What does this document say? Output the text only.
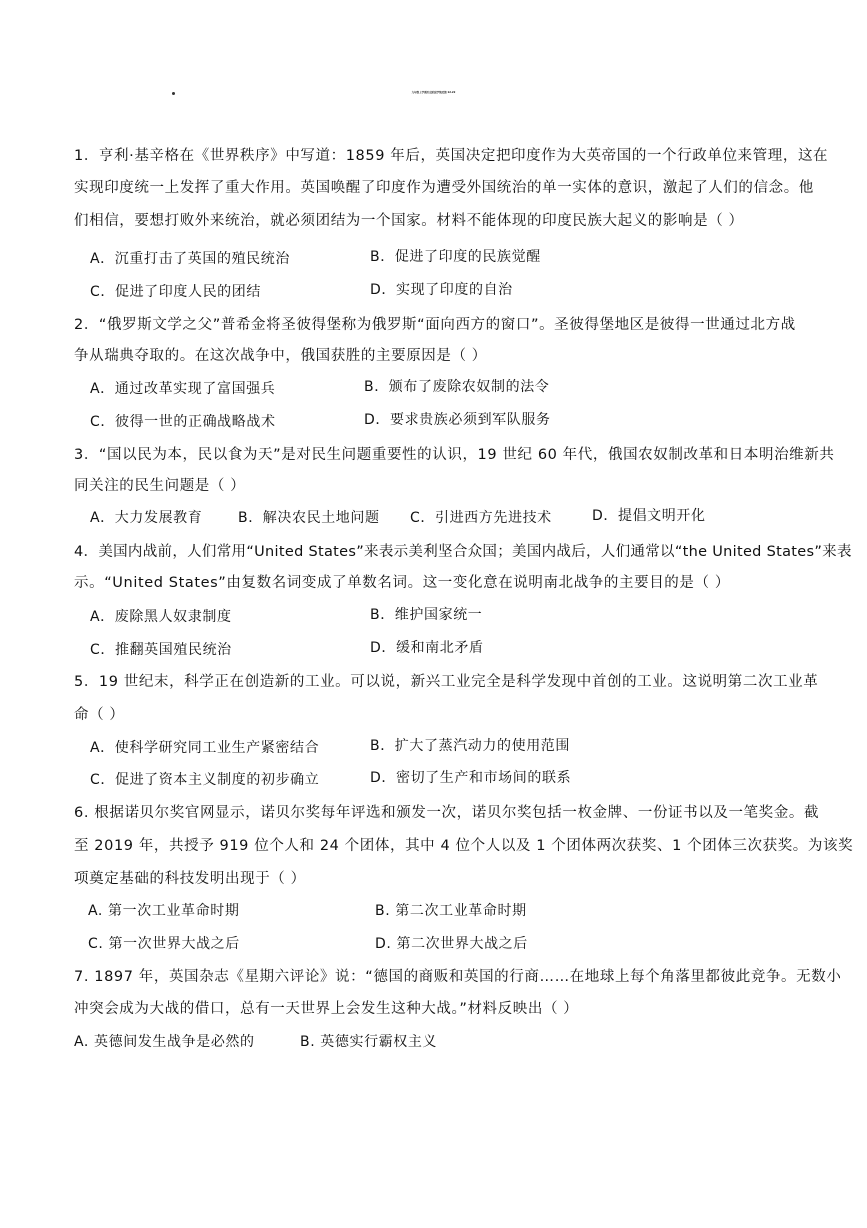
九年级上学期历史阶段学情反馈 12.22
1．亨利·基辛格在《世界秩序》中写道：1859 年后，英国决定把印度作为大英帝国的一个行政单位来管理，这在
实现印度统一上发挥了重大作用。英国唤醒了印度作为遭受外国统治的单一实体的意识，激起了人们的信念。他
们相信，要想打败外来统治，就必须团结为一个国家。材料不能体现的印度民族大起义的影响是（ ）
A．沉重打击了英国的殖民统治	B．促进了印度的民族觉醒
C．促进了印度人民的团结	D．实现了印度的自治
2．“俄罗斯文学之父”普希金将圣彼得堡称为俄罗斯“面向西方的窗口”。圣彼得堡地区是彼得一世通过北方战
争从瑞典夺取的。在这次战争中，俄国获胜的主要原因是（ ）
A．通过改革实现了富国强兵	B．颁布了废除农奴制的法令
C．彼得一世的正确战略战术	D．要求贵族必须到军队服务
3．“国以民为本，民以食为天”是对民生问题重要性的认识，19 世纪 60 年代，俄国农奴制改革和日本明治维新共
同关注的民生问题是（ ）
A．大力发展教育	B．解决农民土地问题 C．引进西方先进技术	D．提倡文明开化
4．美国内战前，人们常用“United States”来表示美利坚合众国；美国内战后，人们通常以“the United States”来表
示。“United States”由复数名词变成了单数名词。这一变化意在说明南北战争的主要目的是（ ）
A．废除黑人奴隶制度	B．维护国家统一
C．推翻英国殖民统治	D．缓和南北矛盾
5．19 世纪末，科学正在创造新的工业。可以说，新兴工业完全是科学发现中首创的工业。这说明第二次工业革
命（ ）
A．使科学研究同工业生产紧密结合	B．扩大了蒸汽动力的使用范围
C．促进了资本主义制度的初步确立	D．密切了生产和市场间的联系
6. 根据诺贝尔奖官网显示，诺贝尔奖每年评选和颁发一次，诺贝尔奖包括一枚金牌、一份证书以及一笔奖金。截
至 2019 年，共授予 919 位个人和 24 个团体，其中 4 位个人以及 1 个团体两次获奖、1 个团体三次获奖。为该奖
项奠定基础的科技发明出现于（ ）
A. 第一次工业革命时期	B. 第二次工业革命时期
C. 第一次世界大战之后	D. 第二次世界大战之后
7. 1897 年，英国杂志《星期六评论》说：“德国的商贩和英国的行商……在地球上每个角落里都彼此竞争。无数小
冲突会成为大战的借口，总有一天世界上会发生这种大战。”材料反映出（ ）
A. 英德间发生战争是必然的	B. 英德实行霸权主义
